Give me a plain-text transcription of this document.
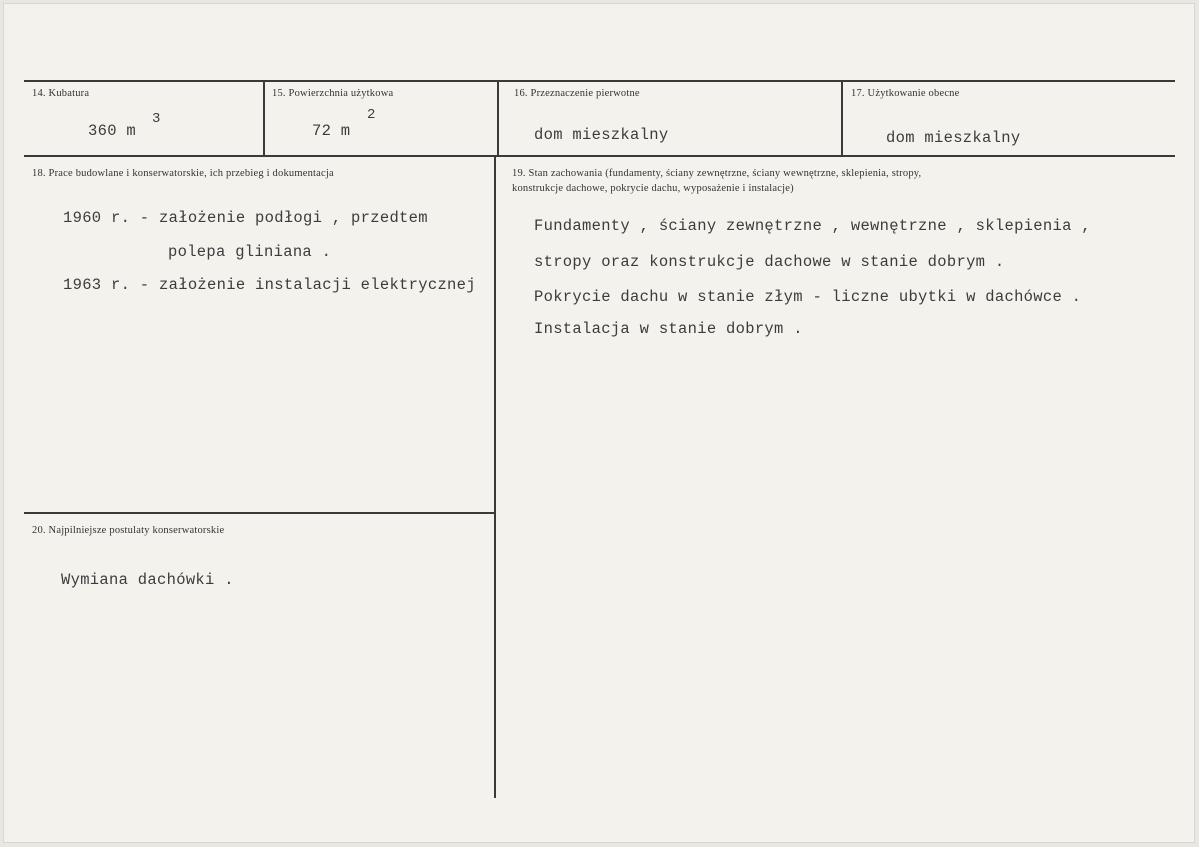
14. Kubatura
360 m
3
15. Powierzchnia użytkowa
72 m
2
16. Przeznaczenie pierwotne
dom mieszkalny
17. Użytkowanie obecne
dom mieszkalny
18. Prace budowlane i konserwatorskie, ich przebieg i dokumentacja
1960 r. - założenie podłogi , przedtem
polepa gliniana .
1963 r. - założenie instalacji elektrycznej
19. Stan zachowania (fundamenty, ściany zewnętrzne, ściany wewnętrzne, sklepienia, stropy,
konstrukcje dachowe, pokrycie dachu, wyposażenie i instalacje)
Fundamenty , ściany zewnętrzne , wewnętrzne , sklepienia ,
stropy oraz konstrukcje dachowe w stanie dobrym .
Pokrycie dachu w stanie złym - liczne ubytki w dachówce .
Instalacja w stanie dobrym .
20. Najpilniejsze postulaty konserwatorskie
Wymiana dachówki .
